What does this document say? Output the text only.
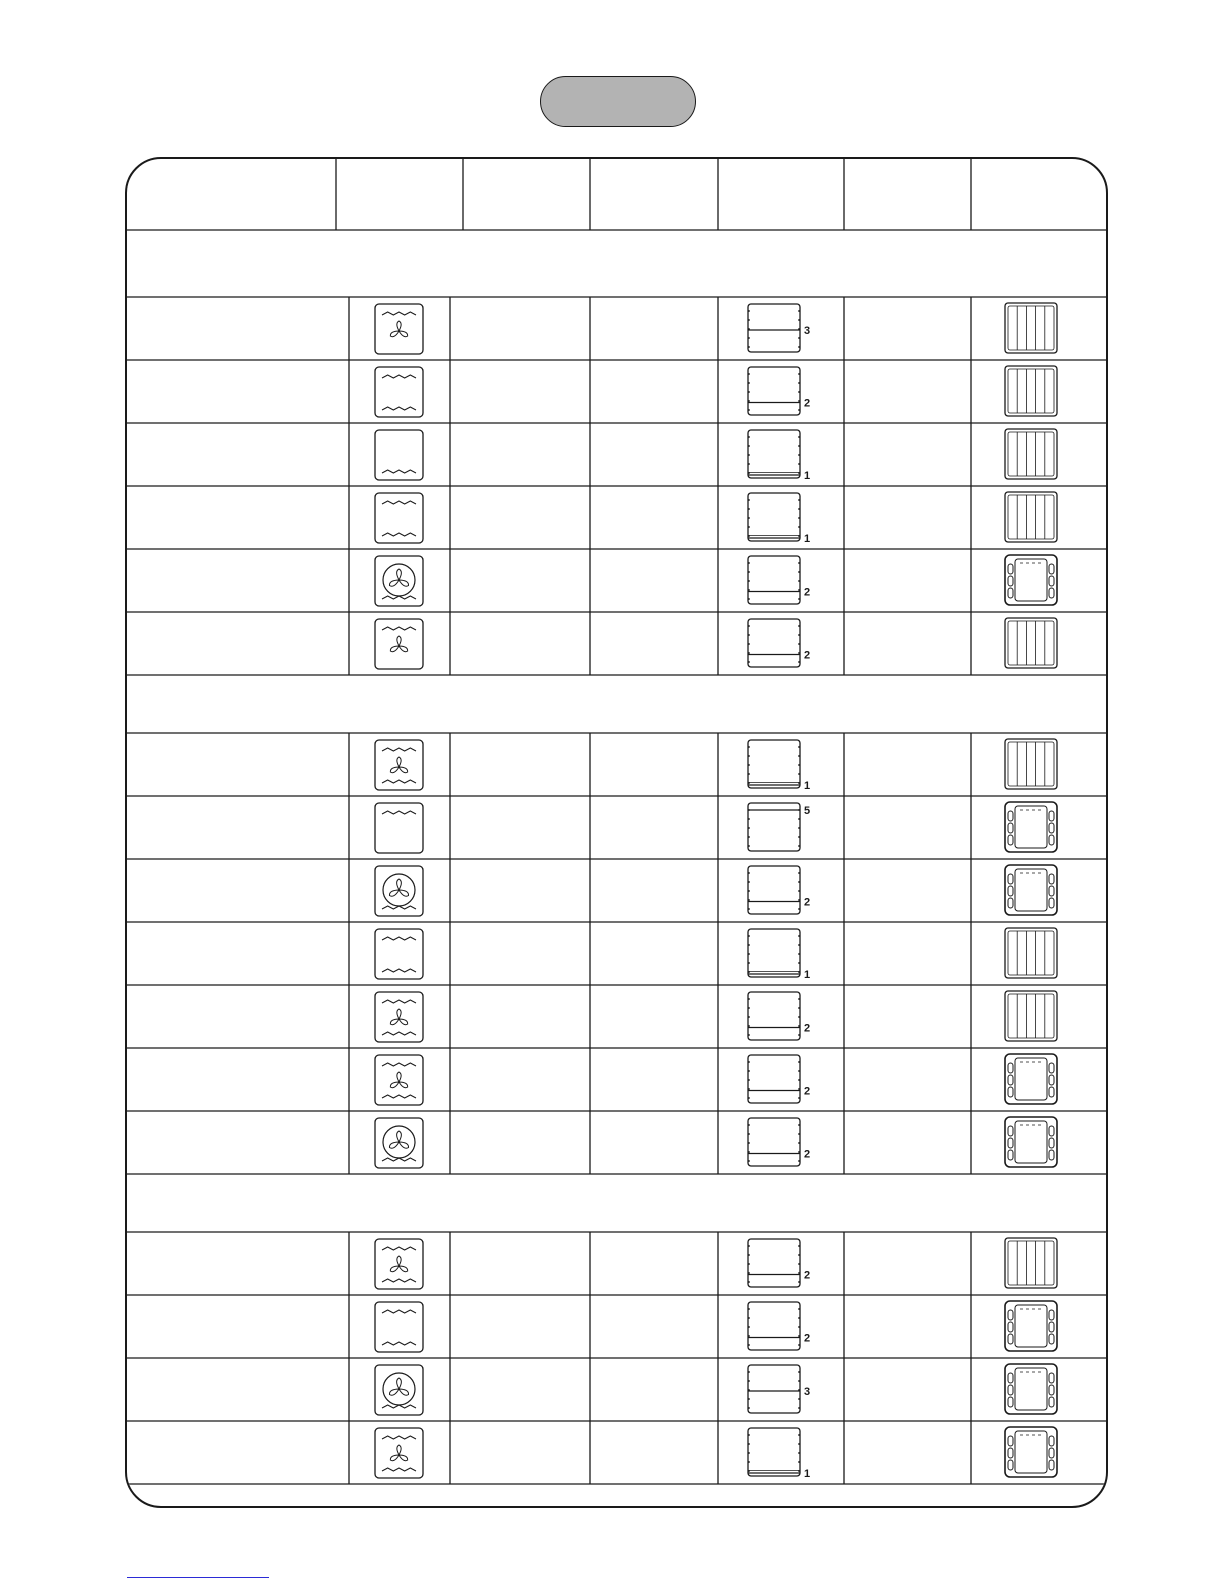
3
2
1
1
2
2
1
5
2
1
2
2
2
2
2
3
1
